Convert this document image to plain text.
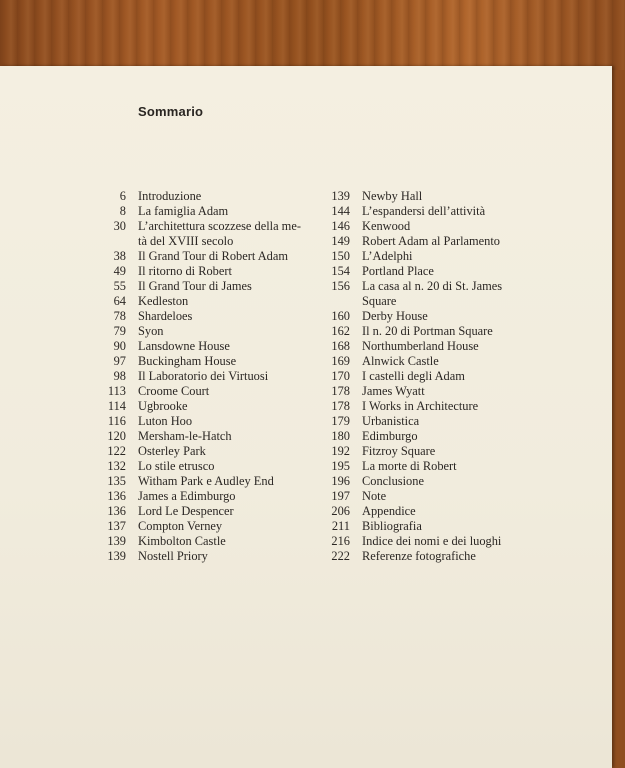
Sommario
6 Introduzione
8 La famiglia Adam
30 L’architettura scozzese della me-
tà del XVIII secolo
38 Il Grand Tour di Robert Adam
49 Il ritorno di Robert
55 Il Grand Tour di James
64 Kedleston
78 Shardeloes
79 Syon
90 Lansdowne House
97 Buckingham House
98 Il Laboratorio dei Virtuosi
113 Croome Court
114 Ugbrooke
116 Luton Hoo
120 Mersham-le-Hatch
122 Osterley Park
132 Lo stile etrusco
135 Witham Park e Audley End
136 James a Edimburgo
136 Lord Le Despencer
137 Compton Verney
139 Kimbolton Castle
139 Nostell Priory
139 Newby Hall
144 L’espandersi dell’attività
146 Kenwood
149 Robert Adam al Parlamento
150 L’Adelphi
154 Portland Place
156 La casa al n. 20 di St. James
Square
160 Derby House
162 Il n. 20 di Portman Square
168 Northumberland House
169 Alnwick Castle
170 I castelli degli Adam
178 James Wyatt
178 I Works in Architecture
179 Urbanistica
180 Edimburgo
192 Fitzroy Square
195 La morte di Robert
196 Conclusione
197 Note
206 Appendice
211 Bibliografia
216 Indice dei nomi e dei luoghi
222 Referenze fotografiche
